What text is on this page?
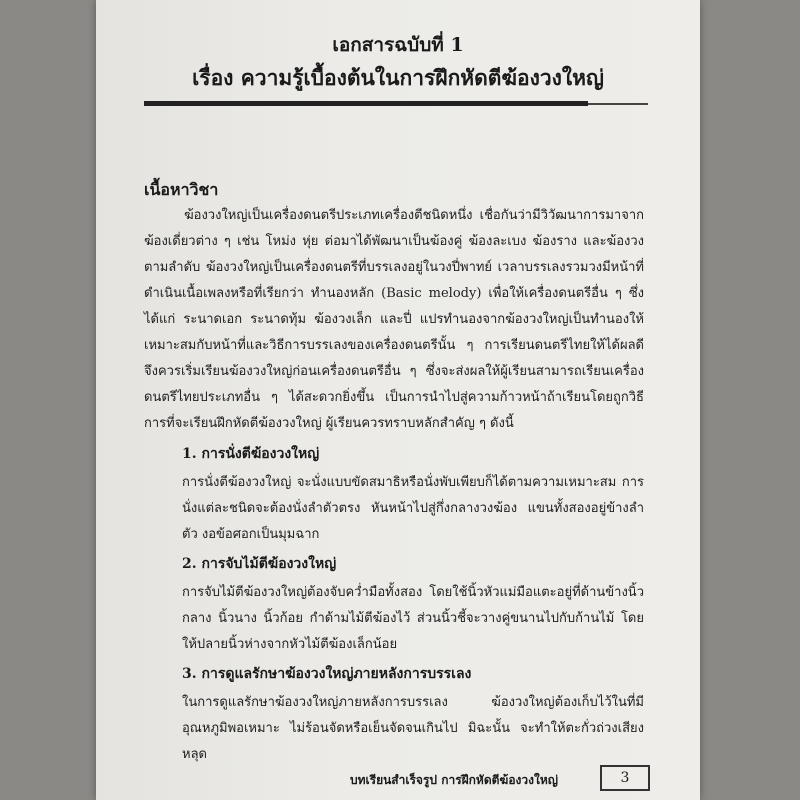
เอกสารฉบับที่ 1
เรื่อง ความรู้เบื้องต้นในการฝึกหัดตีฆ้องวงใหญ่
เนื้อหาวิชา

ฆ้องวงใหญ่เป็นเครื่องดนตรีประเภทเครื่องตีชนิดหนึ่ง เชื่อกันว่ามีวิวัฒนาการมาจากฆ้องเดี่ยวต่าง ๆ เช่น โหม่ง หุ่ย ต่อมาได้พัฒนาเป็นฆ้องคู่ ฆ้องละเบง ฆ้องราง และฆ้องวงตามลำดับ ฆ้องวงใหญ่เป็นเครื่องดนตรีที่บรรเลงอยู่ในวงปี่พาทย์ เวลาบรรเลงรวมวงมีหน้าที่ดำเนินเนื้อเพลงหรือที่เรียกว่า ทำนองหลัก (Basic melody) เพื่อให้เครื่องดนตรีอื่น ๆ ซึ่งได้แก่ ระนาดเอก ระนาดทุ้ม ฆ้องวงเล็ก และปี่ แปรทำนองจากฆ้องวงใหญ่เป็นทำนองให้เหมาะสมกับหน้าที่และวิธีการบรรเลงของเครื่องดนตรีนั้น ๆ การเรียนดนตรีไทยให้ได้ผลดี จึงควรเริ่มเรียนฆ้องวงใหญ่ก่อนเครื่องดนตรีอื่น ๆ ซึ่งจะส่งผลให้ผู้เรียนสามารถเรียนเครื่องดนตรีไทยประเภทอื่น ๆ ได้สะดวกยิ่งขึ้น เป็นการนำไปสู่ความก้าวหน้าถ้าเรียนโดยถูกวิธี การที่จะเรียนฝึกหัดตีฆ้องวงใหญ่ ผู้เรียนควรทราบหลักสำคัญ ๆ ดังนี้

1. การนั่งตีฆ้องวงใหญ่

การนั่งตีฆ้องวงใหญ่ จะนั่งแบบขัดสมาธิหรือนั่งพับเพียบก็ได้ตามความเหมาะสม การนั่งแต่ละชนิดจะต้องนั่งลำตัวตรง หันหน้าไปสู่กึ่งกลางวงฆ้อง แขนทั้งสองอยู่ข้างลำตัว งอข้อศอกเป็นมุมฉาก

2. การจับไม้ตีฆ้องวงใหญ่

การจับไม้ตีฆ้องวงใหญ่ต้องจับคว่ำมือทั้งสอง โดยใช้นิ้วหัวแม่มือแตะอยู่ที่ด้านข้างนิ้วกลาง นิ้วนาง นิ้วก้อย กำด้ามไม้ตีฆ้องไว้ ส่วนนิ้วชี้จะวางคู่ขนานไปกับก้านไม้ โดยให้ปลายนิ้วห่างจากหัวไม้ตีฆ้องเล็กน้อย

3. การดูแลรักษาฆ้องวงใหญ่ภายหลังการบรรเลง

ในการดูแลรักษาฆ้องวงใหญ่ภายหลังการบรรเลง ฆ้องวงใหญ่ต้องเก็บไว้ในที่มีอุณหภูมิพอเหมาะ ไม่ร้อนจัดหรือเย็นจัดจนเกินไป มิฉะนั้น จะทำให้ตะกั่วถ่วงเสียงหลุด

บทเรียนสำเร็จรูป การฝึกหัดตีฆ้องวงใหญ่	3
